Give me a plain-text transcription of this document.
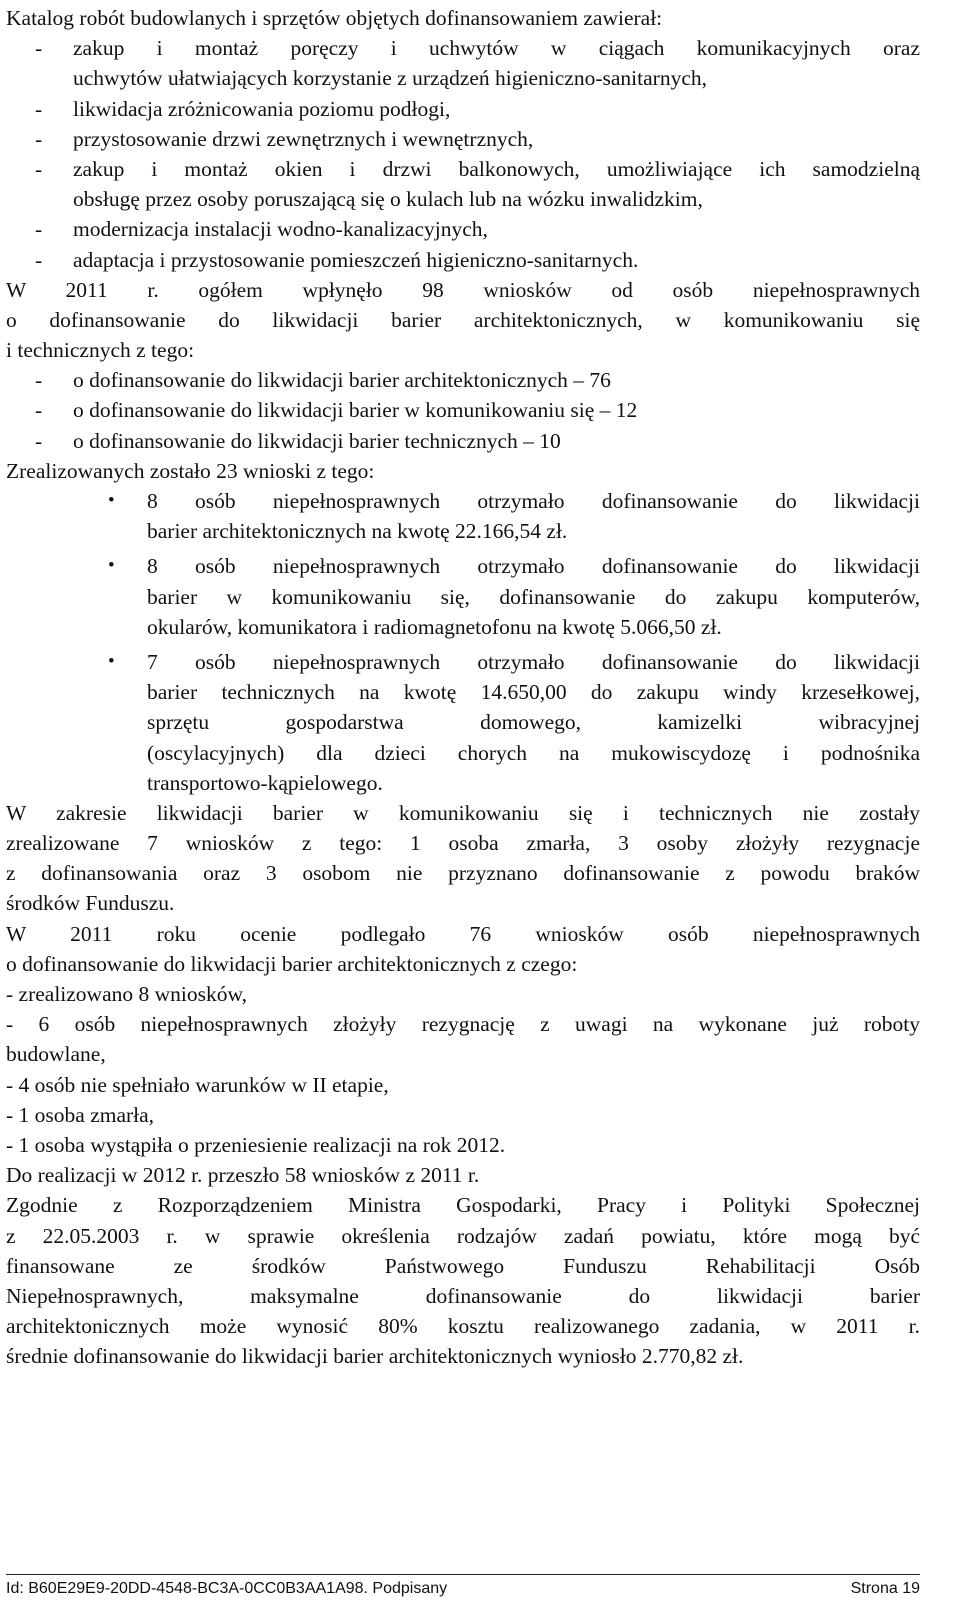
Katalog robót budowlanych i sprzętów objętych dofinansowaniem zawierał:
- zakup i montaż poręczy i uchwytów w ciągach komunikacyjnych oraz
uchwytów ułatwiających korzystanie z urządzeń higieniczno-sanitarnych,
- likwidacja zróżnicowania poziomu podłogi,
- przystosowanie drzwi zewnętrznych i wewnętrznych,
- zakup i montaż okien i drzwi balkonowych, umożliwiające ich samodzielną
obsługę przez osoby poruszającą się o kulach lub na wózku inwalidzkim,
- modernizacja instalacji wodno-kanalizacyjnych,
- adaptacja i przystosowanie pomieszczeń higieniczno-sanitarnych.
W 2011 r. ogółem wpłynęło 98 wniosków od osób niepełnosprawnych
o dofinansowanie do likwidacji barier architektonicznych, w komunikowaniu się
i technicznych z tego:
- o dofinansowanie do likwidacji barier architektonicznych – 76
- o dofinansowanie do likwidacji barier w komunikowaniu się – 12
- o dofinansowanie do likwidacji barier technicznych – 10
Zrealizowanych zostało 23 wnioski z tego:
• 8 osób niepełnosprawnych otrzymało dofinansowanie do likwidacji
barier architektonicznych na kwotę 22.166,54 zł.
• 8 osób niepełnosprawnych otrzymało dofinansowanie do likwidacji
barier w komunikowaniu się, dofinansowanie do zakupu komputerów,
okularów, komunikatora i radiomagnetofonu na kwotę 5.066,50 zł.
• 7 osób niepełnosprawnych otrzymało dofinansowanie do likwidacji
barier technicznych na kwotę 14.650,00 do zakupu windy krzesełkowej,
sprzętu gospodarstwa domowego, kamizelki wibracyjnej
(oscylacyjnych) dla dzieci chorych na mukowiscydozę i podnośnika
transportowo-kąpielowego.
W zakresie likwidacji barier w komunikowaniu się i technicznych nie zostały
zrealizowane 7 wniosków z tego: 1 osoba zmarła, 3 osoby złożyły rezygnacje
z dofinansowania oraz 3 osobom nie przyznano dofinansowanie z powodu braków
środków Funduszu.
W 2011 roku ocenie podlegało 76 wniosków osób niepełnosprawnych
o dofinansowanie do likwidacji barier architektonicznych z czego:
- zrealizowano 8 wniosków,
- 6 osób niepełnosprawnych złożyły rezygnację z uwagi na wykonane już roboty
budowlane,
- 4 osób nie spełniało warunków w II etapie,
- 1 osoba zmarła,
- 1 osoba wystąpiła o przeniesienie realizacji na rok 2012.
Do realizacji w 2012 r. przeszło 58 wniosków z 2011 r.
Zgodnie z Rozporządzeniem Ministra Gospodarki, Pracy i Polityki Społecznej
z 22.05.2003 r. w sprawie określenia rodzajów zadań powiatu, które mogą być
finansowane ze środków Państwowego Funduszu Rehabilitacji Osób
Niepełnosprawnych, maksymalne dofinansowanie do likwidacji barier
architektonicznych może wynosić 80% kosztu realizowanego zadania, w 2011 r.
średnie dofinansowanie do likwidacji barier architektonicznych wyniosło 2.770,82 zł.
Id: B60E29E9-20DD-4548-BC3A-0CC0B3AA1A98. Podpisany	Strona 19
